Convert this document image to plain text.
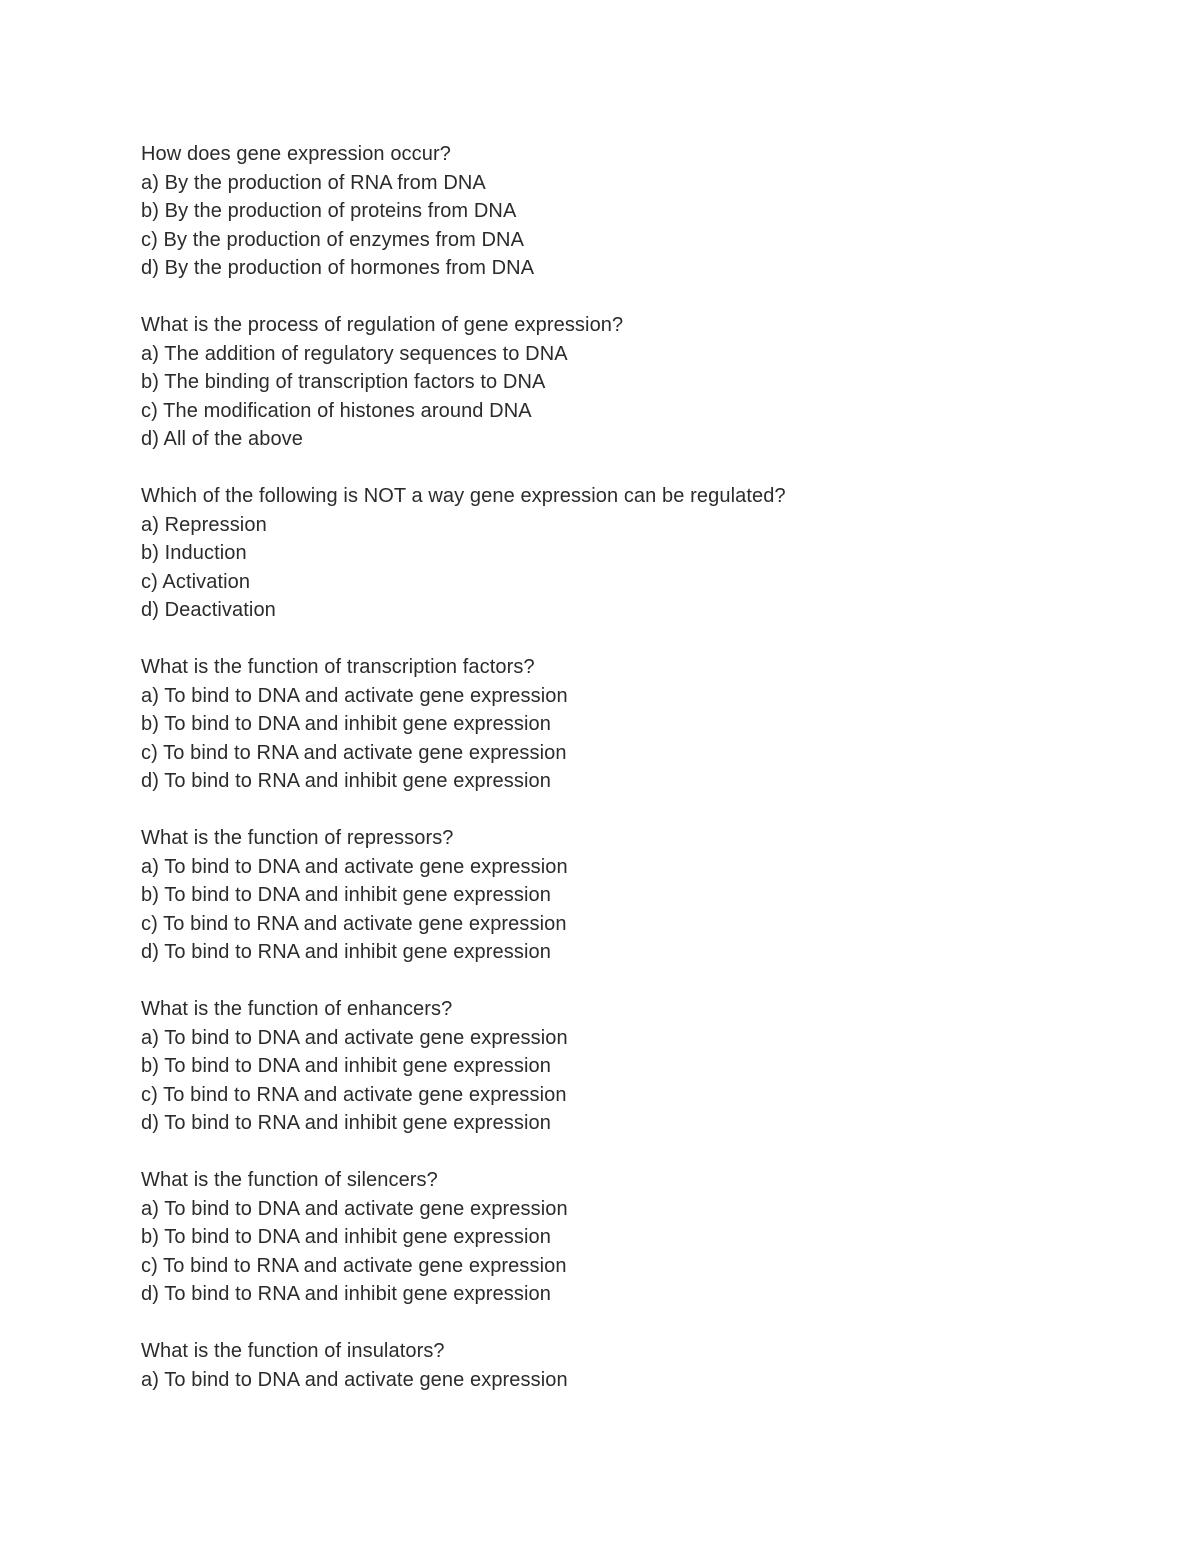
How does gene expression occur?
a) By the production of RNA from DNA
b) By the production of proteins from DNA
c) By the production of enzymes from DNA
d) By the production of hormones from DNA
What is the process of regulation of gene expression?
a) The addition of regulatory sequences to DNA
b) The binding of transcription factors to DNA
c) The modification of histones around DNA
d) All of the above
Which of the following is NOT a way gene expression can be regulated?
a) Repression
b) Induction
c) Activation
d) Deactivation
What is the function of transcription factors?
a) To bind to DNA and activate gene expression
b) To bind to DNA and inhibit gene expression
c) To bind to RNA and activate gene expression
d) To bind to RNA and inhibit gene expression
What is the function of repressors?
a) To bind to DNA and activate gene expression
b) To bind to DNA and inhibit gene expression
c) To bind to RNA and activate gene expression
d) To bind to RNA and inhibit gene expression
What is the function of enhancers?
a) To bind to DNA and activate gene expression
b) To bind to DNA and inhibit gene expression
c) To bind to RNA and activate gene expression
d) To bind to RNA and inhibit gene expression
What is the function of silencers?
a) To bind to DNA and activate gene expression
b) To bind to DNA and inhibit gene expression
c) To bind to RNA and activate gene expression
d) To bind to RNA and inhibit gene expression
What is the function of insulators?
a) To bind to DNA and activate gene expression
